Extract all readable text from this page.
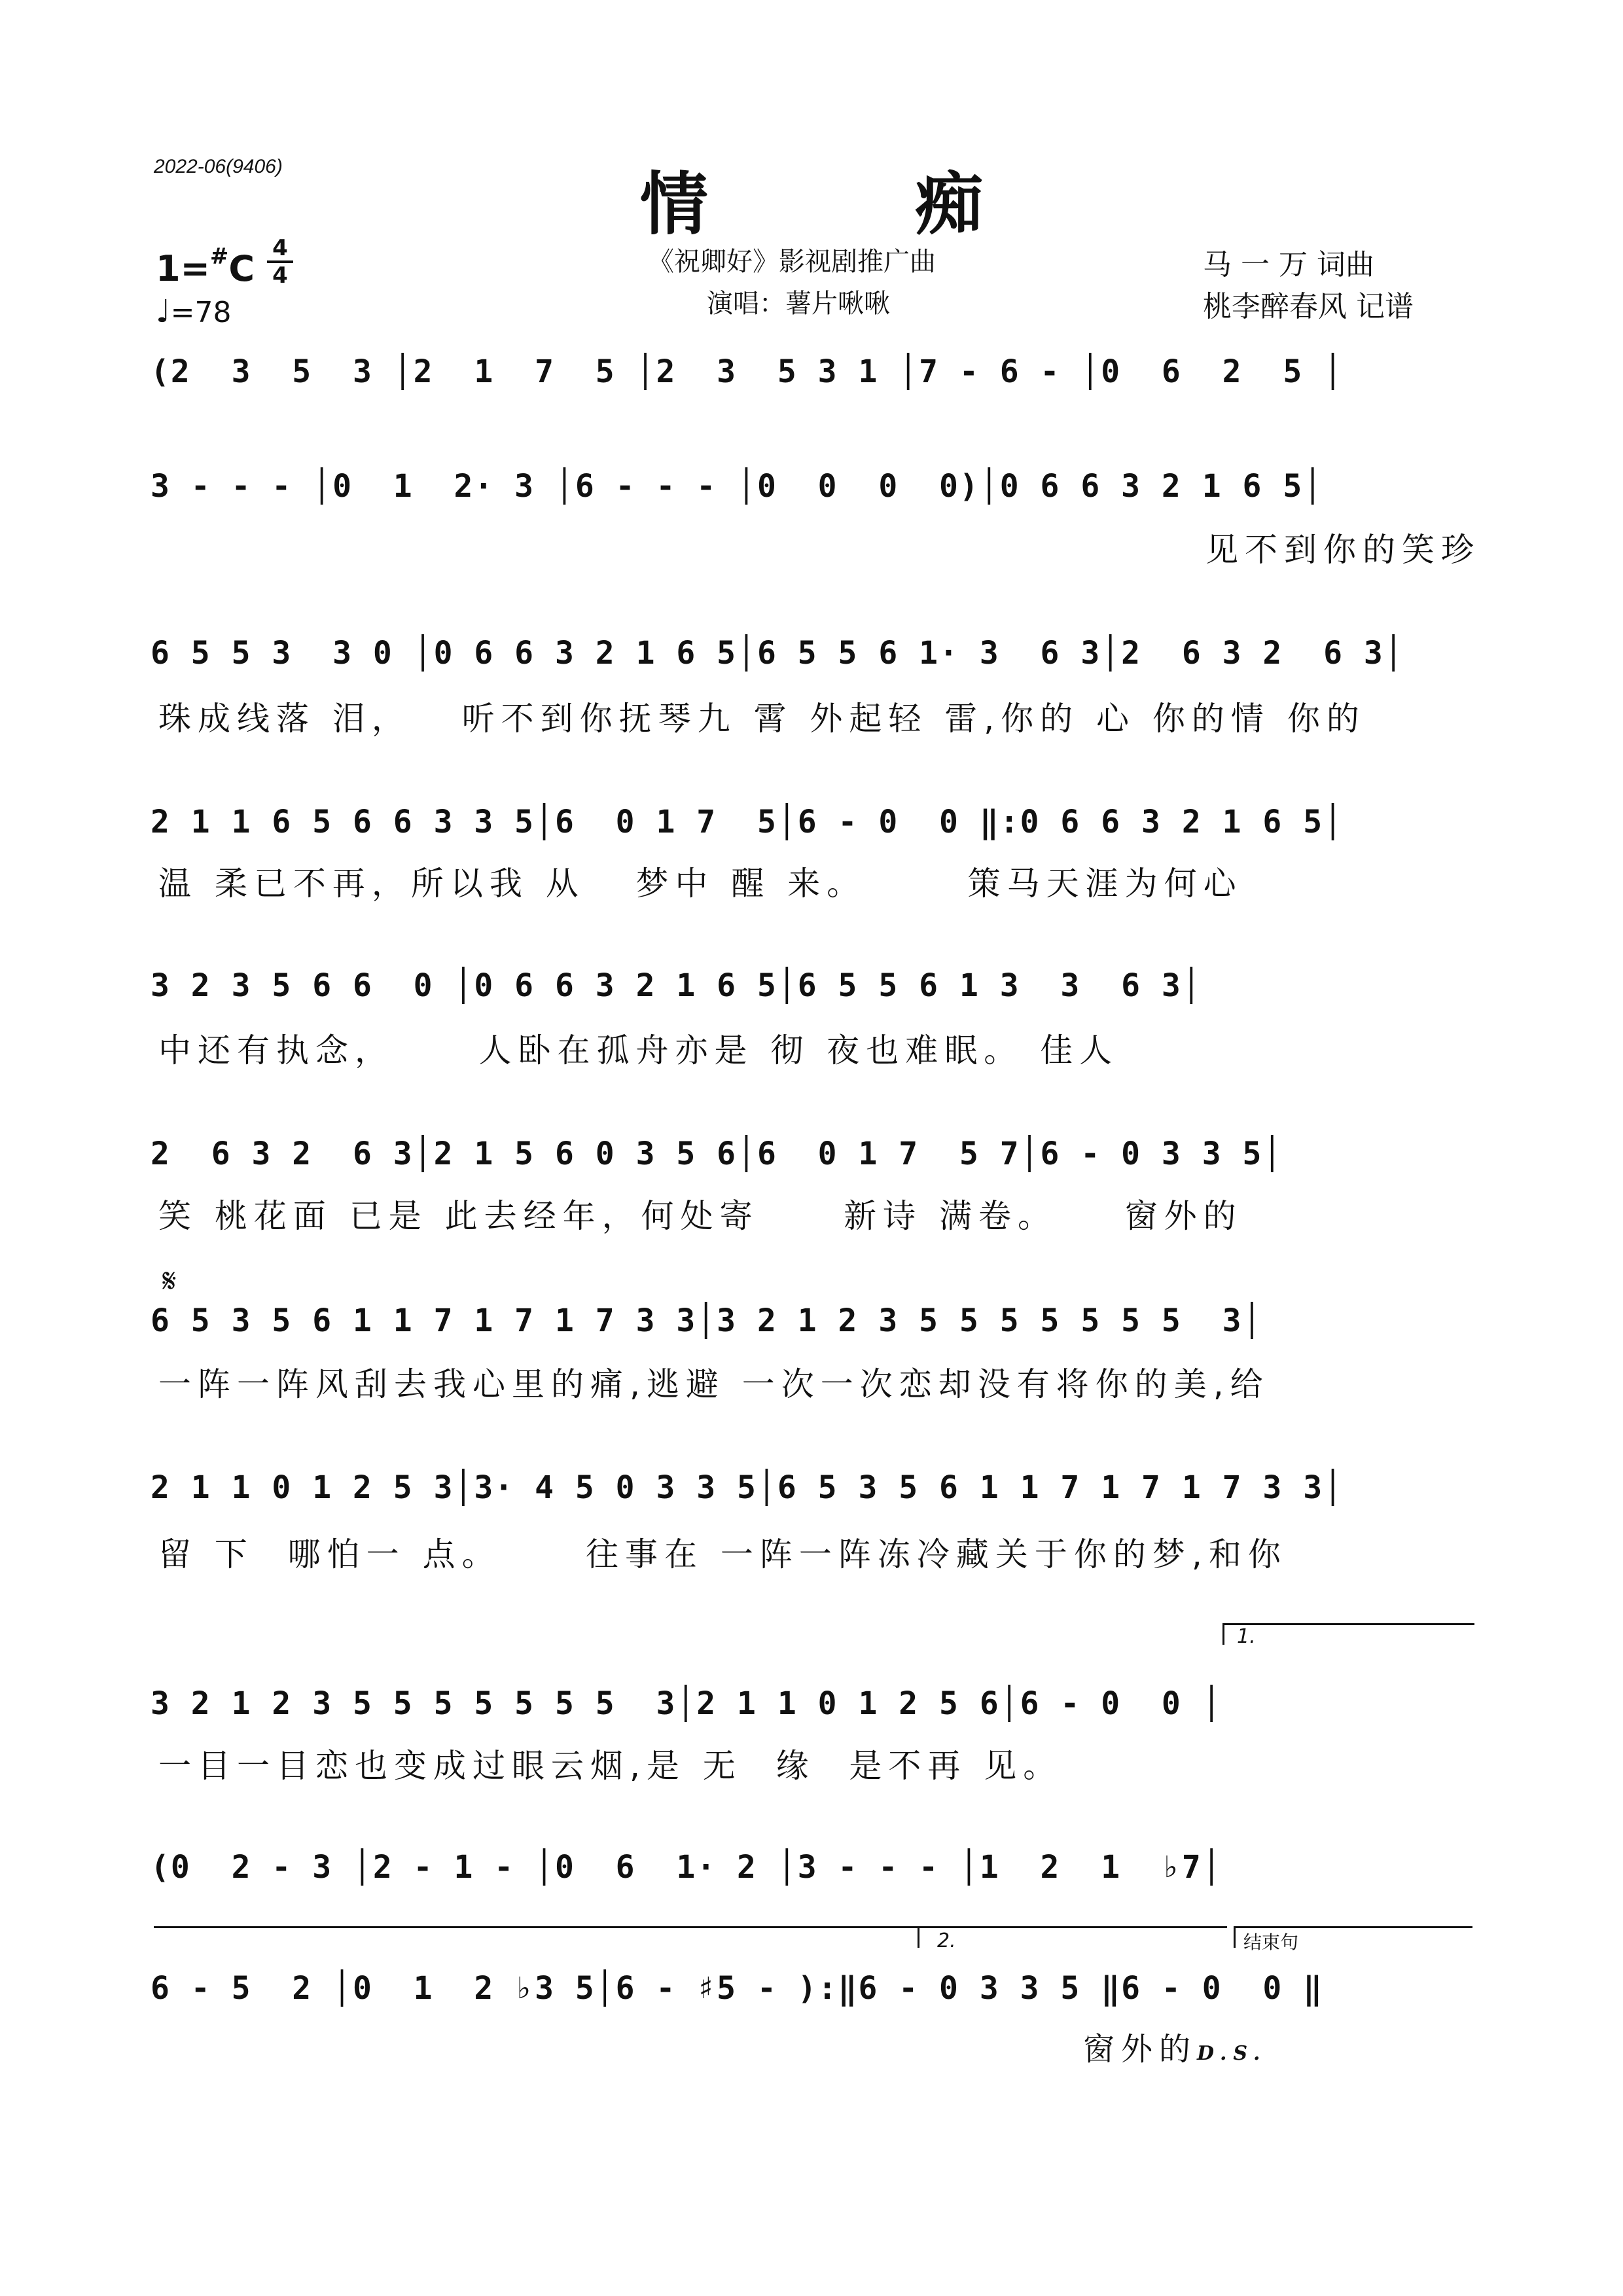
2022-06(9406)	情 痴
《祝卿好》影视剧推广曲
演唱：薯片啾啾
马 一 万 词曲
桃李醉春风 记谱
1=#C 4
4
♩=78
(2  3  5  3 │2  1  7  5 │2  3  5 3 1 │7 - 6 - │0  6  2  5 │
3 - - - │0  1  2· 3 │6 - - - │0  0  0  0)│0 6 6 3 2 1 6 5│
见不到你的笑珍
6 5 5 3  3 0 │0 6 6 3 2 1 6 5│6 5 5 6 1· 3  6 3│2  6 3 2  6 3│
珠成线落 泪，   听不到你抚琴九 霄 外起轻 雷,你的 心 你的情 你的
2 1 1 6 5 6 6 3 3 5│6  0 1 7  5│6 - 0  0 ‖:0 6 6 3 2 1 6 5│
温 柔已不再，所以我 从   梦中 醒 来。      策马天涯为何心
3 2 3 5 6 6  0 │0 6 6 3 2 1 6 5│6 5 5 6 1 3  3  6 3│
中还有执念，     人卧在孤舟亦是 彻 夜也难眠。 佳人
2  6 3 2  6 3│2 1 5 6 0 3 5 6│6  0 1 7  5 7│6 - 0 3 3 5│
笑 桃花面 已是 此去经年，何处寄     新诗 满卷。    窗外的
𝄋
6 5 3 5 6 1 1 7 1 7 1 7 3 3│3 2 1 2 3 5 5 5 5 5 5 5  3│
一阵一阵风刮去我心里的痛,逃避 一次一次恋却没有将你的美,给
2 1 1 0 1 2 5 3│3· 4 5 0 3 3 5│6 5 3 5 6 1 1 7 1 7 1 7 3 3│
留 下  哪怕一 点。     往事在 一阵一阵冻冷藏关于你的梦,和你
1.
3 2 1 2 3 5 5 5 5 5 5 5  3│2 1 1 0 1 2 5 6│6 - 0  0 │
一目一目恋也变成过眼云烟,是 无  缘  是不再 见。
(0  2 - 3 │2 - 1 - │0  6  1· 2 │3 - - - │1  2  1  ♭7│
2.	结束句
6 - 5  2 │0  1  2 ♭3 5│6 - ♯5 - ):‖6 - 0 3 3 5 ‖6 - 0  0 ‖
窗外的D.S.
